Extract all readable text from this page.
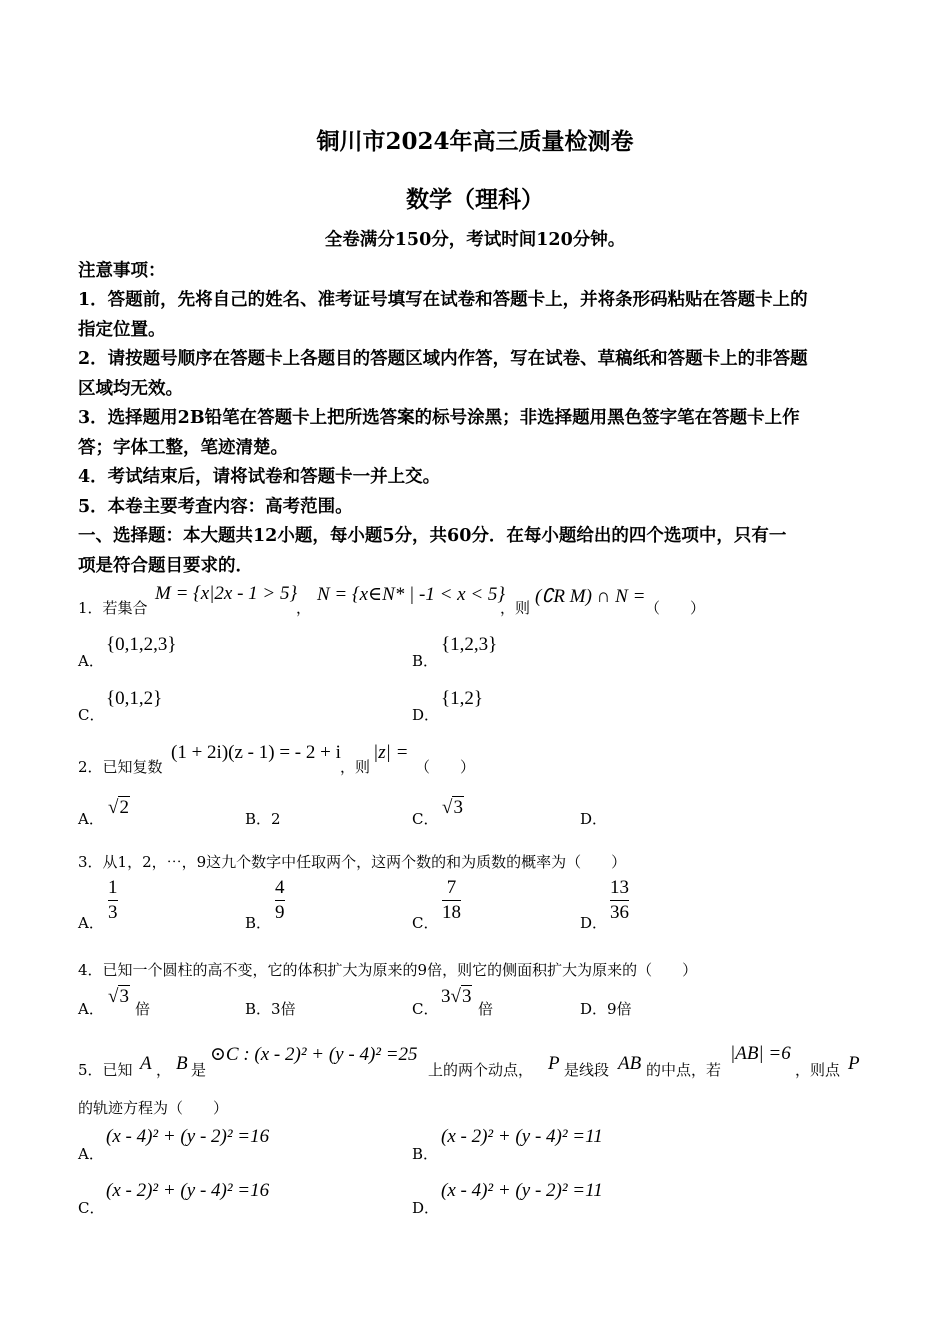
铜川市2024年高三质量检测卷
数学（理科）
全卷满分150分，考试时间120分钟。
注意事项：
1．答题前，先将自己的姓名、准考证号填写在试卷和答题卡上，并将条形码粘贴在答题卡上的
指定位置。
2．请按题号顺序在答题卡上各题目的答题区域内作答，写在试卷、草稿纸和答题卡上的非答题
区域均无效。
3．选择题用2B铅笔在答题卡上把所选答案的标号涂黑；非选择题用黑色签字笔在答题卡上作
答；字体工整，笔迹清楚。
4．考试结束后，请将试卷和答题卡一并上交。
5．本卷主要考查内容：高考范围。
一、选择题：本大题共12小题，每小题5分，共60分．在每小题给出的四个选项中，只有一
项是符合题目要求的．
1．若集合
M = {x|2x - 1 > 5}
，
N = {x∈N* | -1 < x < 5}
，则
(∁R M) ∩ N =
（　　）
A．
{0,1,2,3}
B．
{1,2,3}
C．
{0,1,2}
D．
{1,2}
2．已知复数
(1 + 2i)(z - 1) = - 2 + i
，则
|z| =
（　　）
A．
√2
B．2	C．
√3
D．
3．从1，2，⋯，9这九个数字中任取两个，这两个数的和为质数的概率为（　　）
A．
1
3	B．
4
9	C．
7
18	D．
13
36
4．已知一个圆柱的高不变，它的体积扩大为原来的9倍，则它的侧面积扩大为原来的（　　）
A．
√3
倍	B．3倍	C．
3√3
倍	D．9倍
5．已知 A ， B 是
⊙C : (x - 2)² + (y - 4)² =25
上的两个动点， P 是线段 AB 的中点，若
|AB| =6
，则点 P
的轨迹方程为（　　）
A．
(x - 4)² + (y - 2)² =16
B．
(x - 2)² + (y - 4)² =11
C．
(x - 2)² + (y - 4)² =16
D．
(x - 4)² + (y - 2)² =11
